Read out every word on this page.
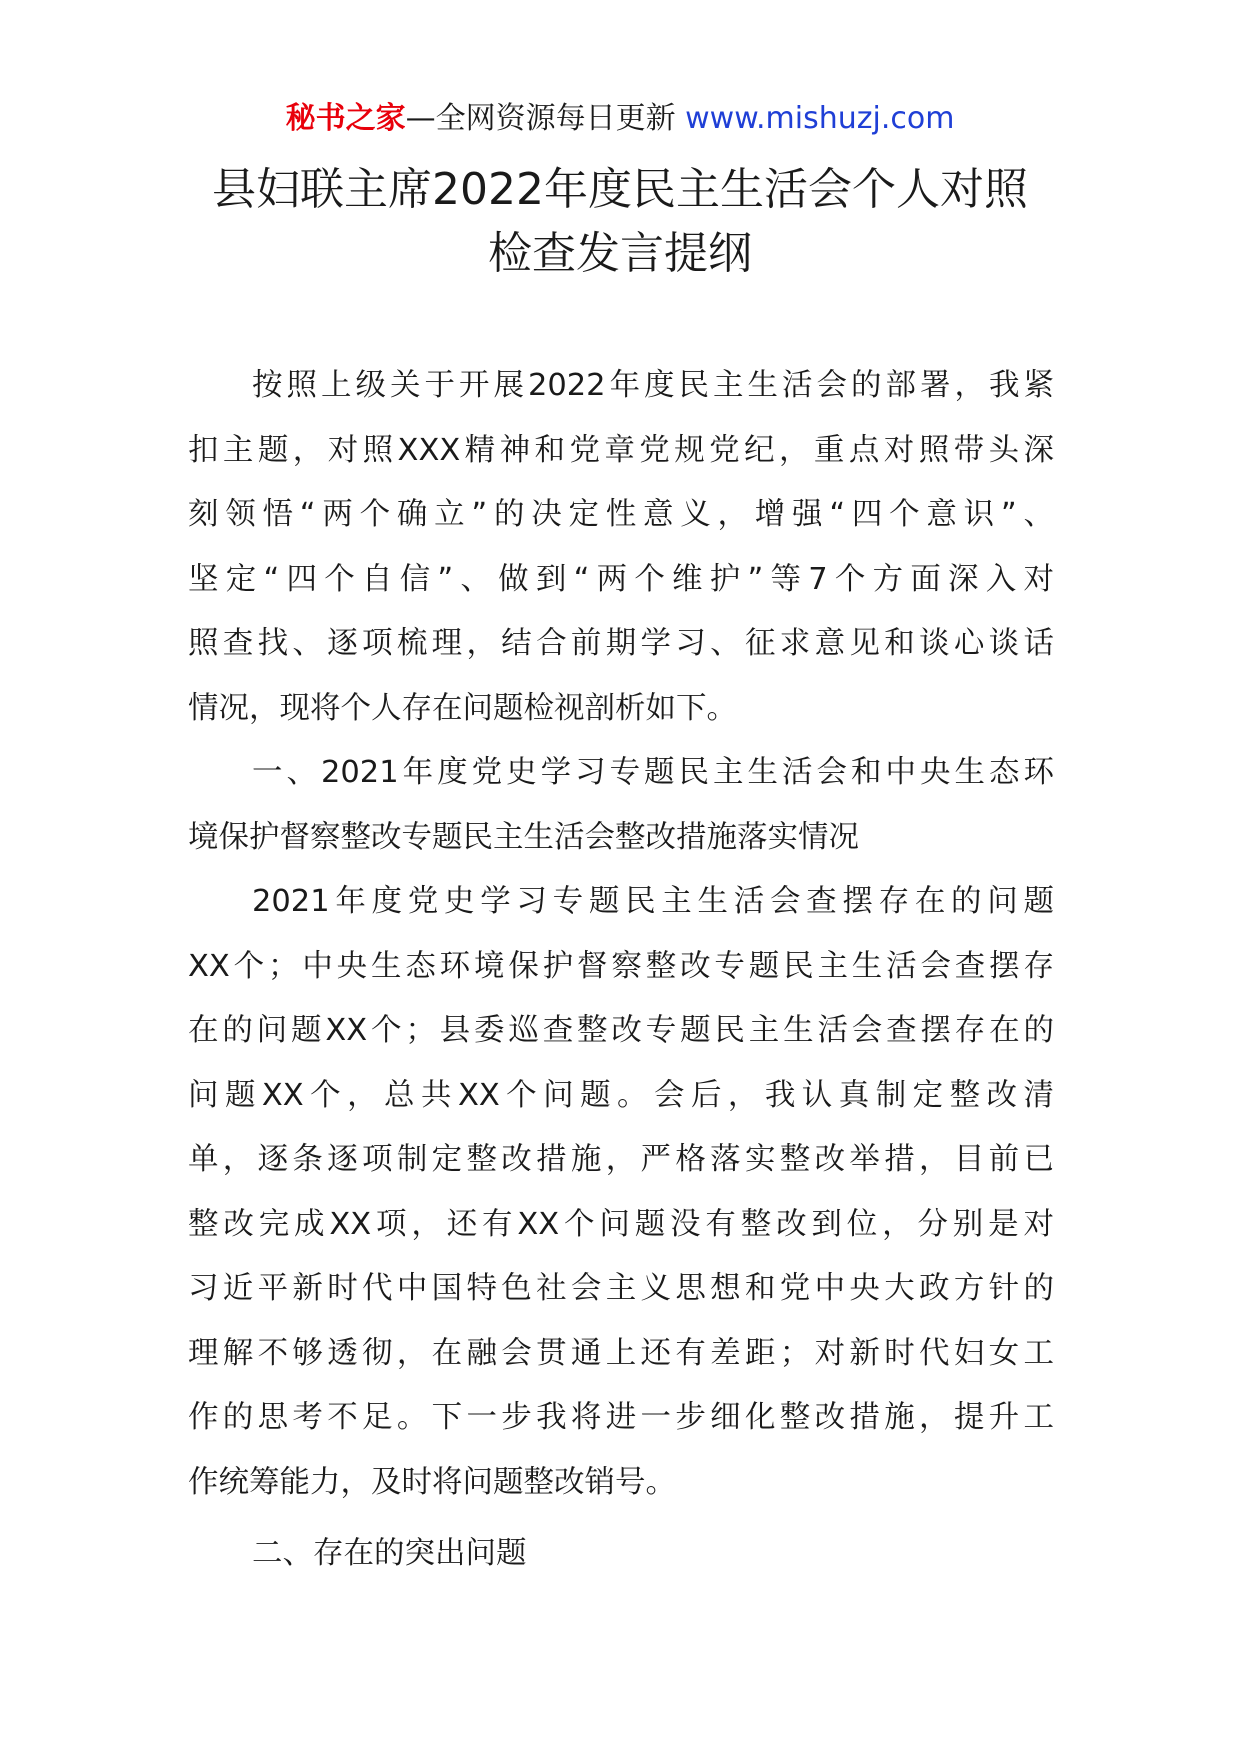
秘书之家—全网资源每日更新 www.mishuzj.com
县妇联主席2022年度民主生活会个人对照
检查发言提纲
按照上级关于开展2022年度民主生活会的部署，我紧
扣主题，对照XXX精神和党章党规党纪，重点对照带头深
刻领悟“两个确立”的决定性意义，增强“四个意识”、
坚定“四个自信”、做到“两个维护”等7个方面深入对
照查找、逐项梳理，结合前期学习、征求意见和谈心谈话
情况，现将个人存在问题检视剖析如下。
一、2021年度党史学习专题民主生活会和中央生态环
境保护督察整改专题民主生活会整改措施落实情况
2021年度党史学习专题民主生活会查摆存在的问题
XX个；中央生态环境保护督察整改专题民主生活会查摆存
在的问题XX个；县委巡查整改专题民主生活会查摆存在的
问题XX个，总共XX个问题。会后，我认真制定整改清
单，逐条逐项制定整改措施，严格落实整改举措，目前已
整改完成XX项，还有XX个问题没有整改到位，分别是对
习近平新时代中国特色社会主义思想和党中央大政方针的
理解不够透彻，在融会贯通上还有差距；对新时代妇女工
作的思考不足。下一步我将进一步细化整改措施，提升工
作统筹能力，及时将问题整改销号。
二、存在的突出问题
